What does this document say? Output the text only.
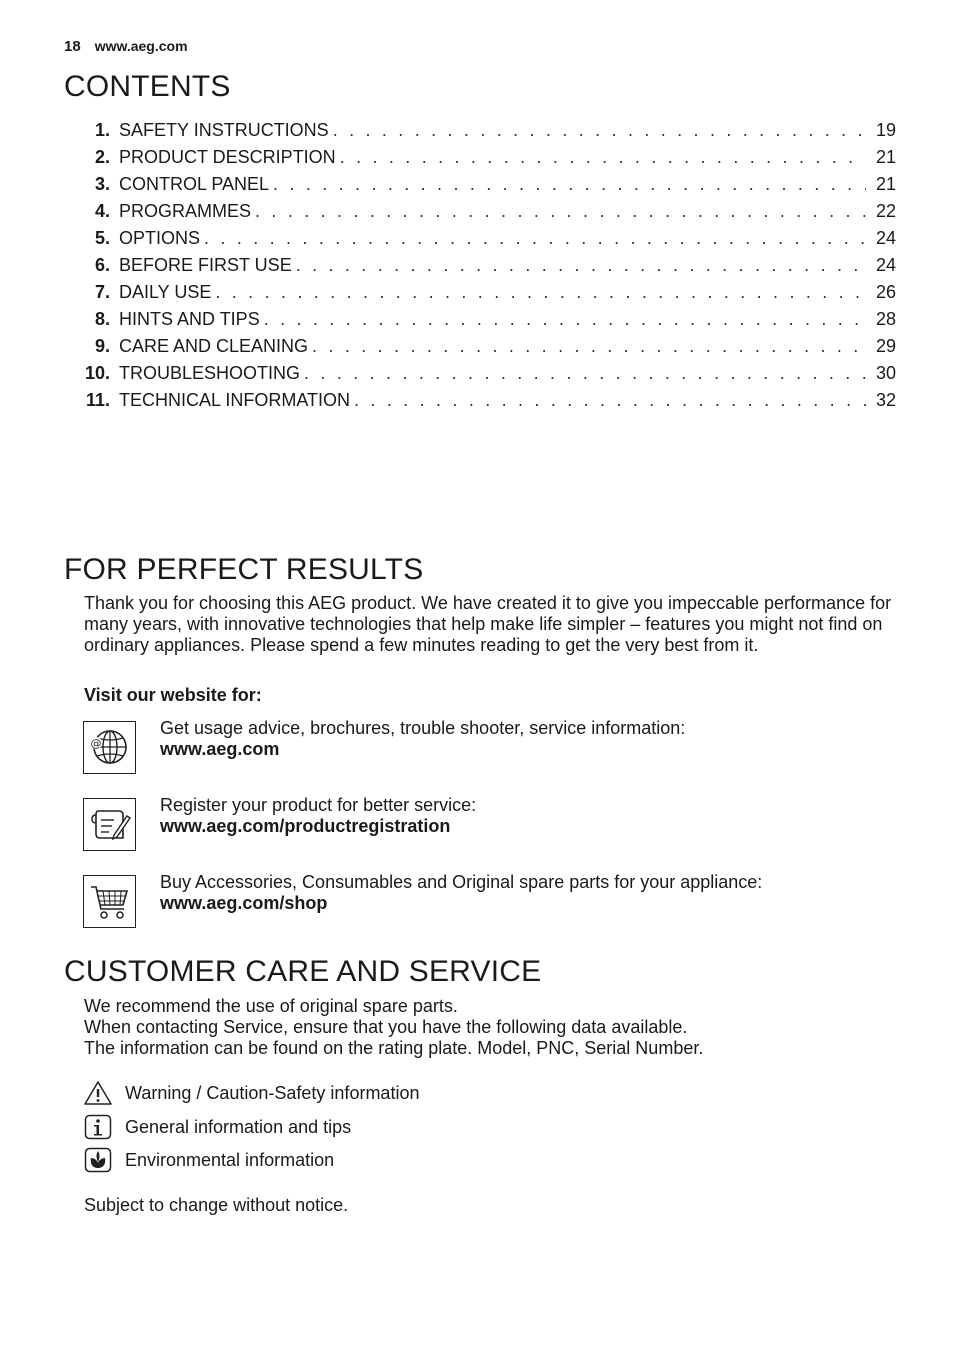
18 www.aeg.com
CONTENTS
1. SAFETY INSTRUCTIONS . . .	19
2. PRODUCT DESCRIPTION . . .	21
3. CONTROL PANEL . . .	21
4. PROGRAMMES . . .	22
5. OPTIONS . . .	24
6. BEFORE FIRST USE . . .	24
7. DAILY USE . . .	26
8. HINTS AND TIPS . . .	28
9. CARE AND CLEANING . . .	29
10. TROUBLESHOOTING . . .	30
11. TECHNICAL INFORMATION . . .	32
FOR PERFECT RESULTS

Thank you for choosing this AEG product. We have created it to give you impeccable performance for many years, with innovative technologies that help make life simpler – features you might not find on ordinary appliances. Please spend a few minutes reading to get the very best from it.

Visit our website for:

@
Get usage advice, brochures, trouble shooter, service information:
www.aeg.com
Register your product for better service:
www.aeg.com/productregistration
Buy Accessories, Consumables and Original spare parts for your appliance:
www.aeg.com/shop
CUSTOMER CARE AND SERVICE
We recommend the use of original spare parts.
When contacting Service, ensure that you have the following data available.
The information can be found on the rating plate. Model, PNC, Serial Number.
Warning / Caution-Safety information
General information and tips
Environmental information

Subject to change without notice.
